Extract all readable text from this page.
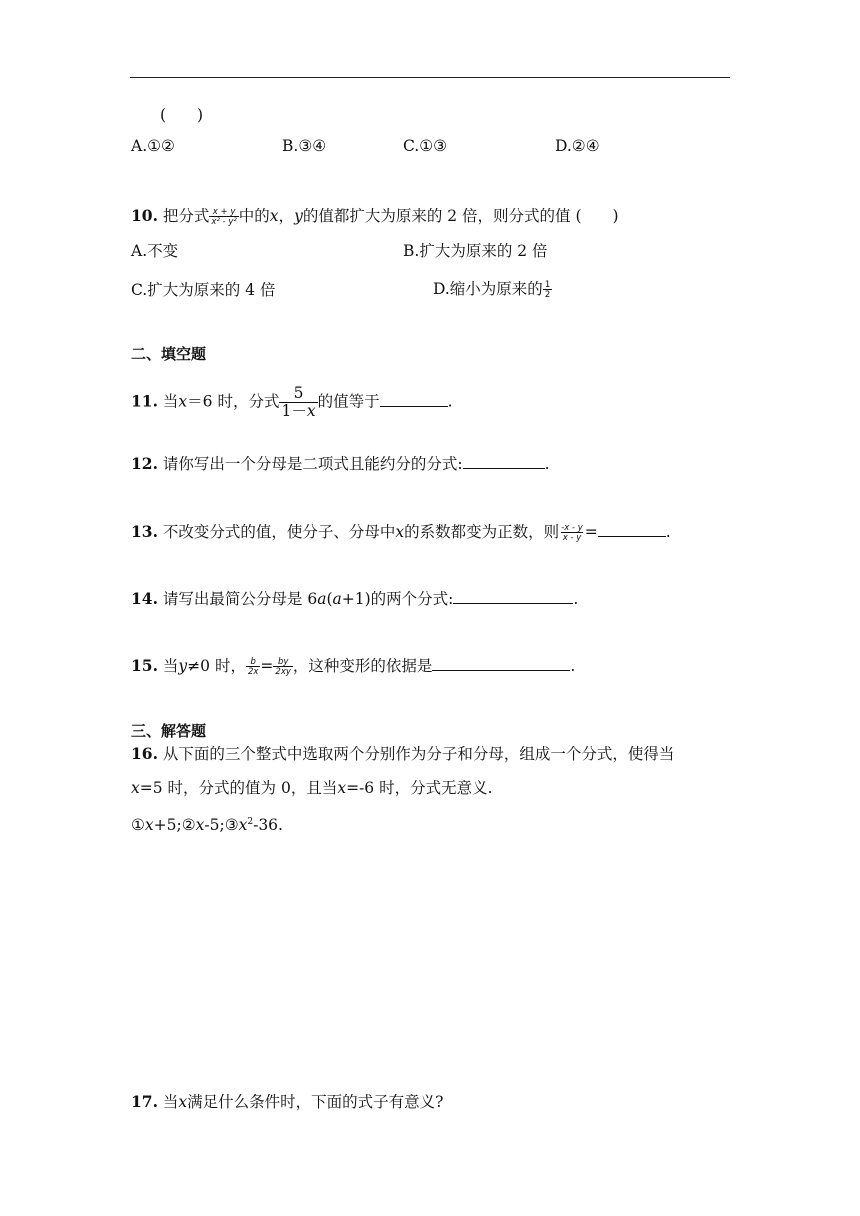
(　　)
A.①②	B.③④	C.①③	D.②④
10. 把分式 $\frac{x + y}{\text{x² - y²}}$ 中的x，y的值都扩大为原来的 2 倍，则分式的值 (　　)
A.不变	B.扩大为原来的 2 倍
C.扩大为原来的 4 倍	D.缩小为原来的 $\frac{1}{2}$
二、填空题
11. 当x＝6 时，分式 $\frac{5}{1-x}$ 的值等于	.
12. 请你写出一个分母是二项式且能约分的分式:	.
13. 不改变分式的值，使分子、分母中x的系数都变为正数，则 $\frac{-x - y}{x - y}$ =	.
14. 请写出最简公分母是 6a(a+1)的两个分式:	.
15. 当y≠0 时， $\frac{b}{2x} = \frac{by}{2xy}$ ，这种变形的依据是	.
三、解答题
16. 从下面的三个整式中选取两个分别作为分子和分母，组成一个分式，使得当
x=5 时，分式的值为 0，且当x=-6 时，分式无意义.
$①x+5;②x-5;③x^2-36$.
17. 当x满足什么条件时，下面的式子有意义?
